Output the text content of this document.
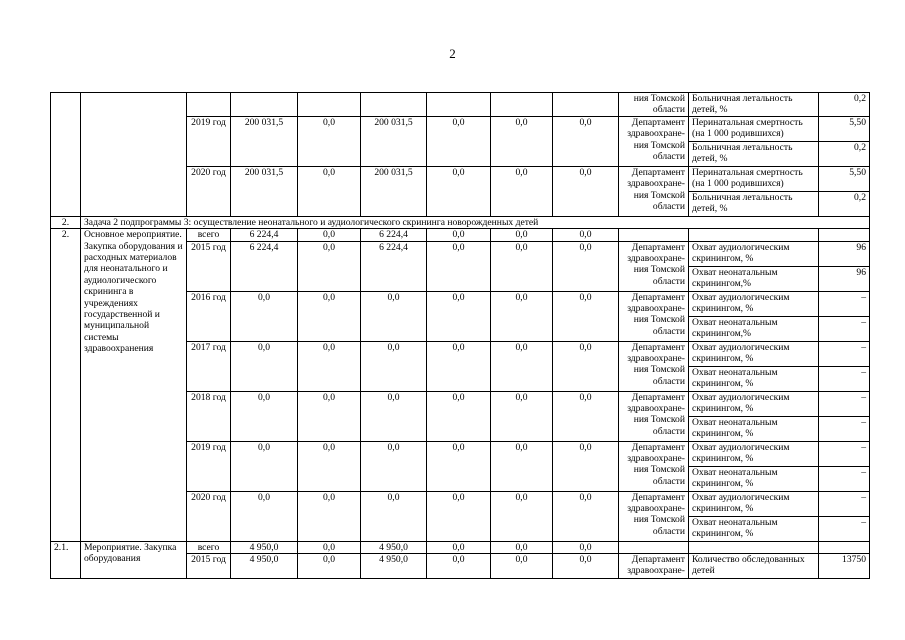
2
									ния Томской области	Больничная летальность детей, %	0,2
		2019 год	200 031,5	0,0	200 031,5	0,0	0,0	0,0	Департамент здравоохране-ния Томской области	Перинатальная смертность (на 1 000 родившихся)	5,50
										Больничная летальность детей, %	0,2
		2020 год	200 031,5	0,0	200 031,5	0,0	0,0	0,0	Департамент здравоохране-ния Томской области	Перинатальная смертность (на 1 000 родившихся)	5,50
										Больничная летальность детей, %	0,2
2.	Задача 2 подпрограммы 3: осуществление неонатального и аудиологического скрининга новорожденных детей										
2.	Основное мероприятие. Закупка оборудования и расходных материалов для неонатального и аудиологического скрининга в учреждениях государственной и муниципальной системы здравоохранения	всего	6 224,4	0,0	6 224,4	0,0	0,0	0,0			
		2015 год	6 224,4	0,0	6 224,4	0,0	0,0	0,0	Департамент здравоохране-ния Томской области	Охват аудиологическим скринингом, %	96
										Охват неонатальным скринингом,%	96
		2016 год	0,0	0,0	0,0	0,0	0,0	0,0	Департамент здравоохране-ния Томской области	Охват аудиологическим скринингом, %	–
										Охват неонатальным скринингом,%	–
		2017 год	0,0	0,0	0,0	0,0	0,0	0,0	Департамент здравоохране-ния Томской области	Охват аудиологическим скринингом, %	–
										Охват неонатальным скринингом, %	–
		2018 год	0,0	0,0	0,0	0,0	0,0	0,0	Департамент здравоохране-ния Томской области	Охват аудиологическим скринингом, %	–
										Охват неонатальным скринингом, %	–
		2019 год	0,0	0,0	0,0	0,0	0,0	0,0	Департамент здравоохране-ния Томской области	Охват аудиологическим скринингом, %	–
										Охват неонатальным скринингом, %	–
		2020 год	0,0	0,0	0,0	0,0	0,0	0,0	Департамент здравоохране-ния Томской области	Охват аудиологическим скринингом, %	–
										Охват неонатальным скринингом, %	–
2.1.	Мероприятие. Закупка оборудования	всего	4 950,0	0,0	4 950,0	0,0	0,0	0,0			
		2015 год	4 950,0	0,0	4 950,0	0,0	0,0	0,0	Департамент здравоохране-	Количество обследованных детей	13750
